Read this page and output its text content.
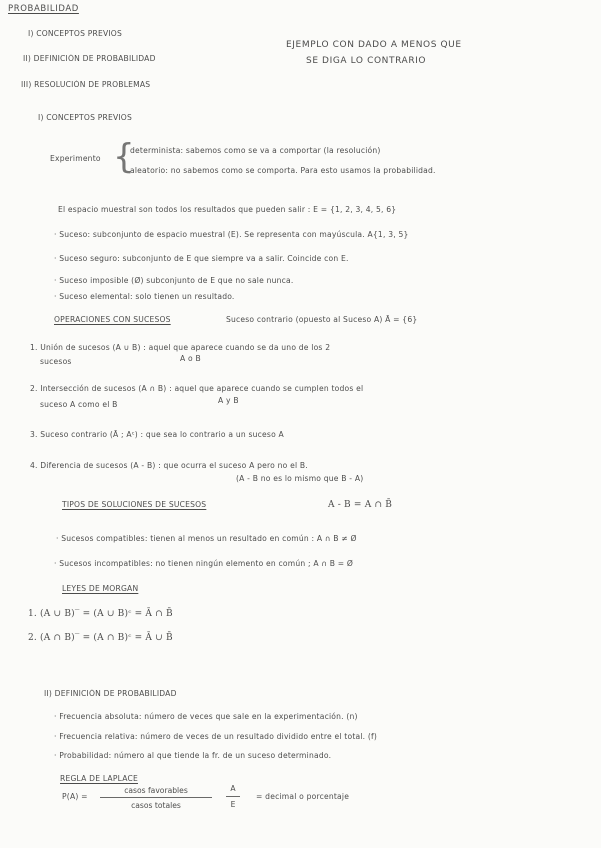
PROBABILIDAD
I) CONCEPTOS PREVIOS
II) DEFINICIÓN DE PROBABILIDAD
III) RESOLUCIÓN DE PROBLEMAS
EJEMPLO CON DADO A MENOS QUE
SE DIGA LO CONTRARIO
I) CONCEPTOS PREVIOS
Experimento {
determinista: sabemos como se va a comportar (la resolución)
aleatorio: no sabemos como se comporta. Para esto usamos la probabilidad.
El espacio muestral son todos los resultados que pueden salir : E = {1, 2, 3, 4, 5, 6}
· Suceso: subconjunto de espacio muestral (E). Se representa con mayúscula. A{1, 3, 5}
· Suceso seguro: subconjunto de E que siempre va a salir. Coincide con E.
· Suceso imposible (Ø) subconjunto de E que no sale nunca.
· Suceso elemental: solo tienen un resultado.
OPERACIONES CON SUCESOS	Suceso contrario (opuesto al Suceso A) Ā = {6}
1. Unión de sucesos (A ∪ B) : aquel que aparece cuando se da uno de los 2
sucesos	A o B
2. Intersección de sucesos (A ∩ B) : aquel que aparece cuando se cumplen todos el
suceso A como el B	A y B
3. Suceso contrario (Ā ; Aᶜ) : que sea lo contrario a un suceso A
4. Diferencia de sucesos (A - B) : que ocurra el suceso A pero no el B.
(A - B no es lo mismo que B - A)
TIPOS DE SOLUCIONES DE SUCESOS	A - B = A ∩ B̄
· Sucesos compatibles: tienen al menos un resultado en común : A ∩ B ≠ Ø
· Sucesos incompatibles: no tienen ningún elemento en común ; A ∩ B = Ø
LEYES DE MORGAN
1. (A ∪ B)‾ = (A ∪ B)ᶜ = Ā ∩ B̄
2. (A ∩ B)‾ = (A ∩ B)ᶜ = Ā ∪ B̄
II) DEFINICIÓN DE PROBABILIDAD
· Frecuencia absoluta: número de veces que sale en la experimentación. (n)
· Frecuencia relativa: número de veces de un resultado dividido entre el total. (f)
· Probabilidad: número al que tiende la fr. de un suceso determinado.
REGLA DE LAPLACE
P(A) =
casos favorables
casos totales	$\frac{A}{E}$ = decimal o porcentaje
